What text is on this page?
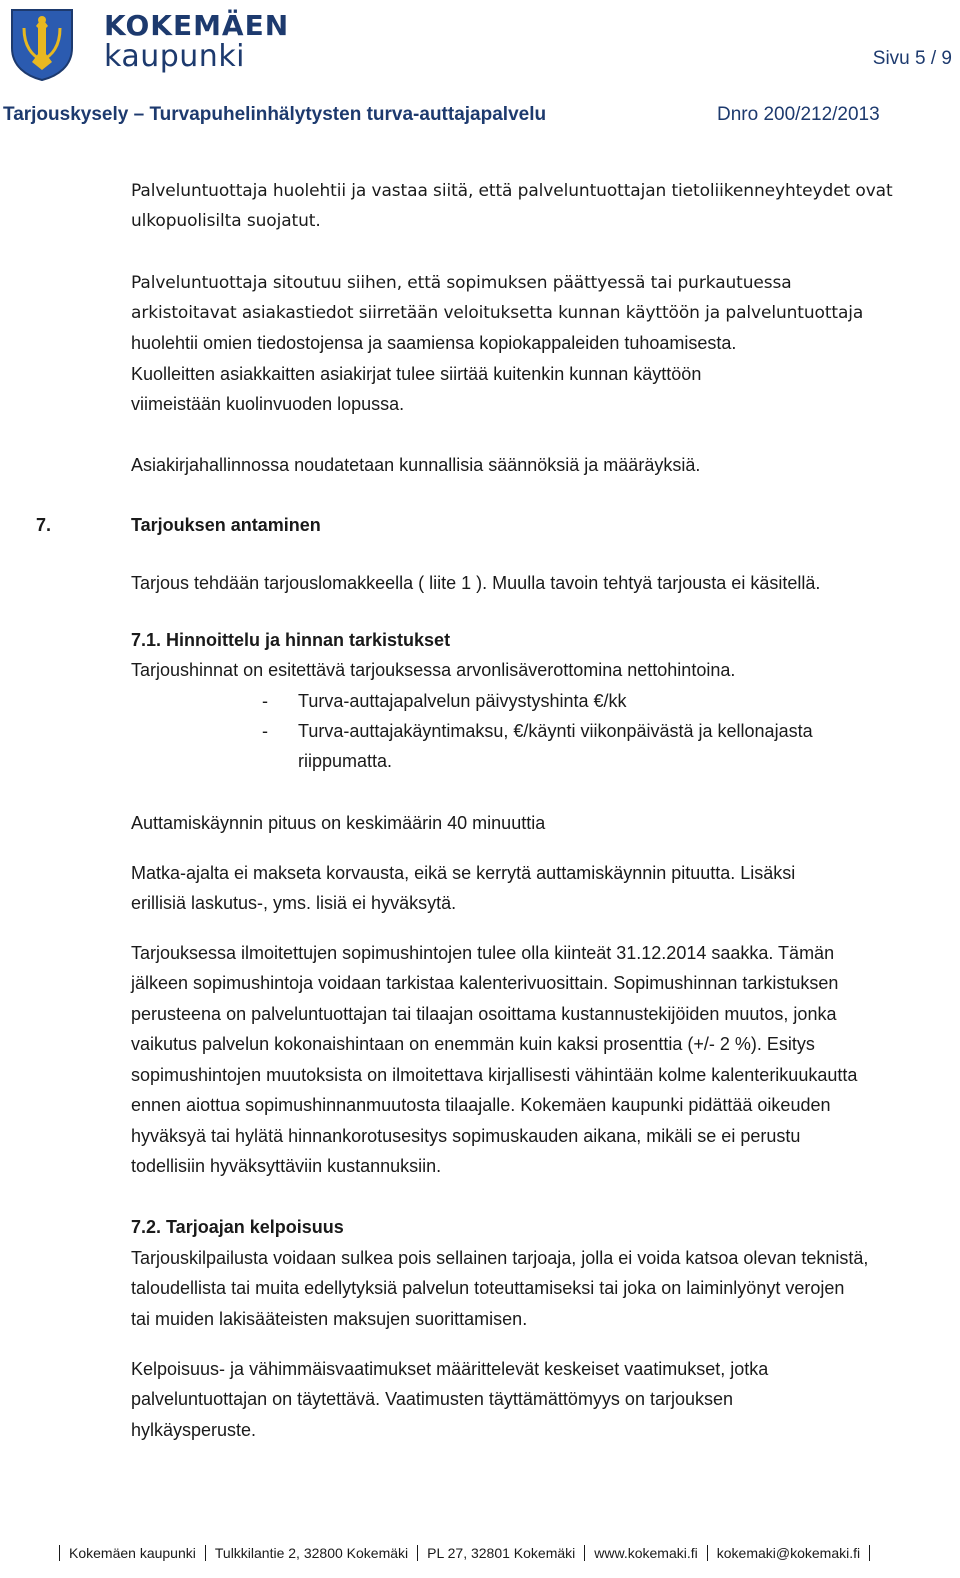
KOKEMÄEN
kaupunki	Sivu 5 / 9
Tarjouskysely – Turvapuhelinhälytysten turva-auttajapalvelu	Dnro 200/212/2013
Palveluntuottaja huolehtii ja vastaa siitä, että palveluntuottajan tietoliikenneyhteydet ovat
ulkopuolisilta suojatut.
Palveluntuottaja sitoutuu siihen, että sopimuksen päättyessä tai purkautuessa
arkistoitavat asiakastiedot siirretään veloituksetta kunnan käyttöön ja palveluntuottaja
huolehtii omien tiedostojensa ja saamiensa kopiokappaleiden tuhoamisesta.
Kuolleitten asiakkaitten asiakirjat tulee siirtää kuitenkin kunnan käyttöön
viimeistään kuolinvuoden lopussa.
Asiakirjahallinnossa noudatetaan kunnallisia säännöksiä ja määräyksiä.
7.	Tarjouksen antaminen
Tarjous tehdään tarjouslomakkeella ( liite 1 ). Muulla tavoin tehtyä tarjousta ei käsitellä.
7.1. Hinnoittelu ja hinnan tarkistukset
Tarjoushinnat on esitettävä tarjouksessa arvonlisäverottomina nettohintoina.
- Turva-auttajapalvelun päivystyshinta €/kk
- Turva-auttajakäyntimaksu, €/käynti viikonpäivästä ja kellonajasta
riippumatta.
Auttamiskäynnin pituus on keskimäärin 40 minuuttia
Matka-ajalta ei makseta korvausta, eikä se kerrytä auttamiskäynnin pituutta. Lisäksi
erillisiä laskutus-, yms. lisiä ei hyväksytä.
Tarjouksessa ilmoitettujen sopimushintojen tulee olla kiinteät 31.12.2014 saakka. Tämän
jälkeen sopimushintoja voidaan tarkistaa kalenterivuosittain. Sopimushinnan tarkistuksen
perusteena on palveluntuottajan tai tilaajan osoittama kustannustekijöiden muutos, jonka
vaikutus palvelun kokonaishintaan on enemmän kuin kaksi prosenttia (+/- 2 %). Esitys
sopimushintojen muutoksista on ilmoitettava kirjallisesti vähintään kolme kalenterikuukautta
ennen aiottua sopimushinnanmuutosta tilaajalle. Kokemäen kaupunki pidättää oikeuden
hyväksyä tai hylätä hinnankorotusesitys sopimuskauden aikana, mikäli se ei perustu
todellisiin hyväksyttäviin kustannuksiin.
7.2. Tarjoajan kelpoisuus
Tarjouskilpailusta voidaan sulkea pois sellainen tarjoaja, jolla ei voida katsoa olevan teknistä,
taloudellista tai muita edellytyksiä palvelun toteuttamiseksi tai joka on laiminlyönyt verojen
tai muiden lakisääteisten maksujen suorittamisen.
Kelpoisuus- ja vähimmäisvaatimukset määrittelevät keskeiset vaatimukset, jotka
palveluntuottajan on täytettävä. Vaatimusten täyttämättömyys on tarjouksen
hylkäysperuste.
Kokemäen kaupunki Tulkkilantie 2, 32800 Kokemäki PL 27, 32801 Kokemäki www.kokemaki.fi kokemaki@kokemaki.fi
